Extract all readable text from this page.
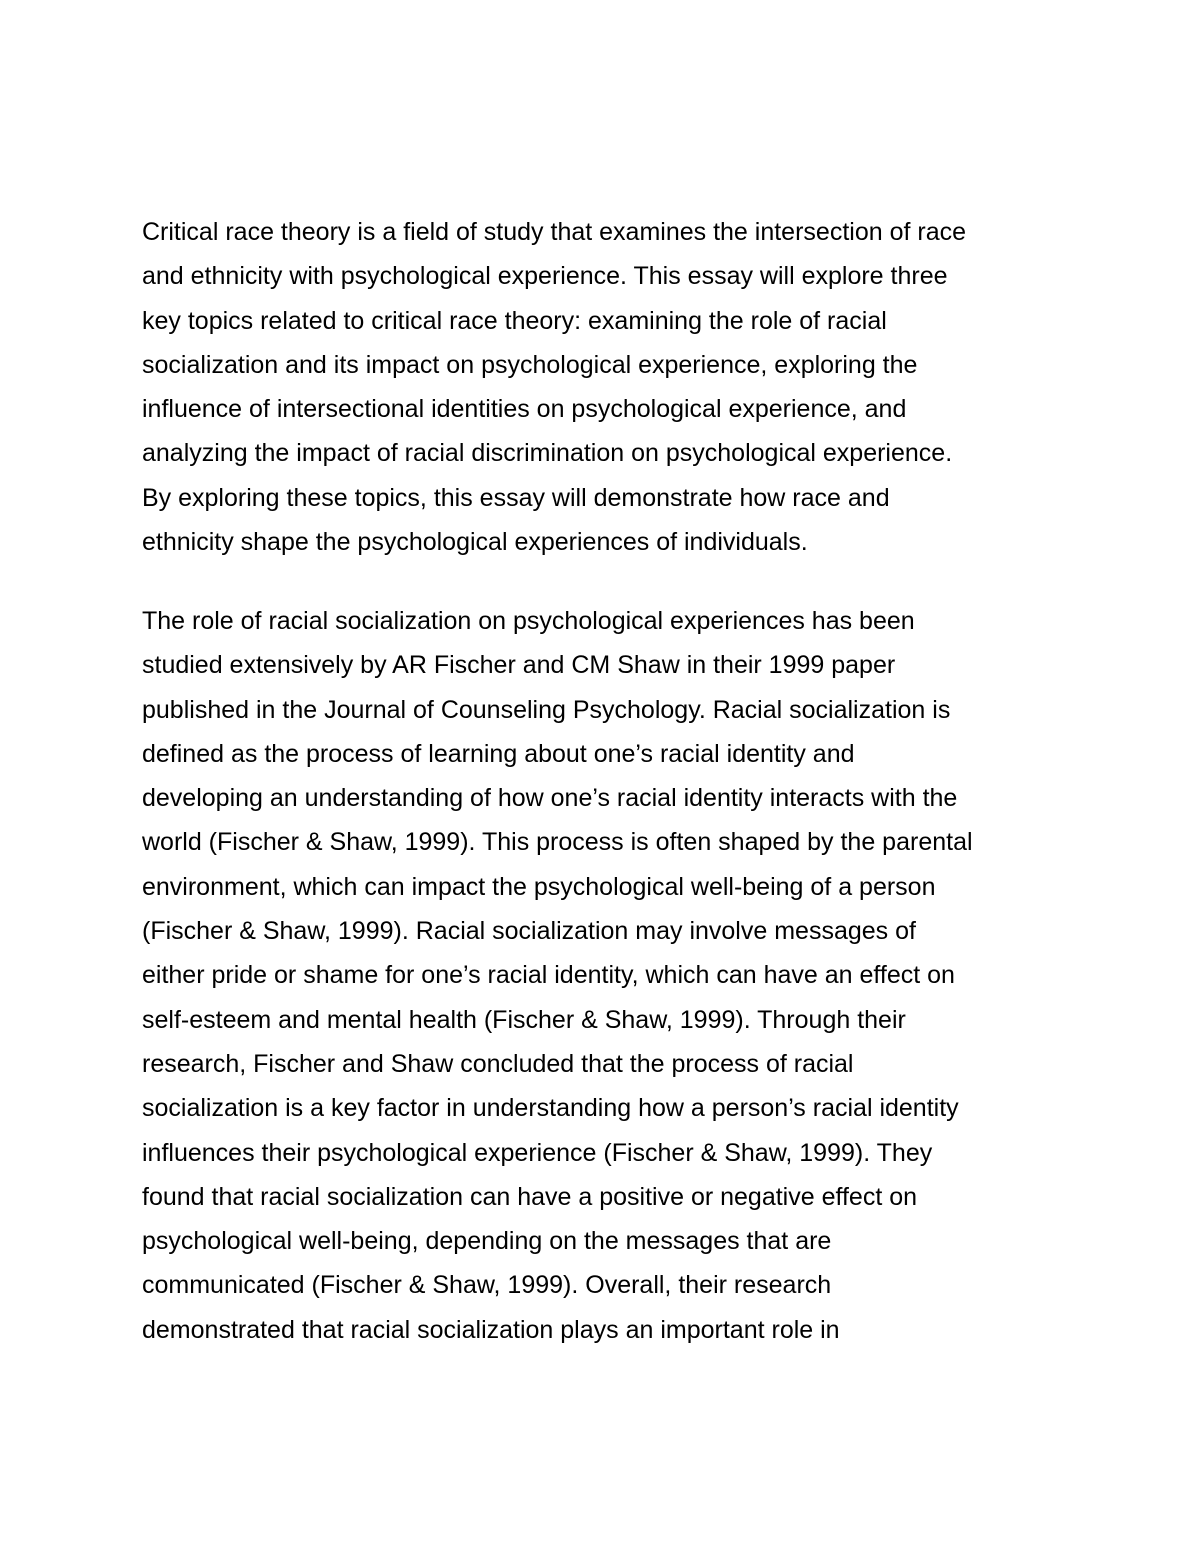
Critical race theory is a field of study that examines the intersection of race
and ethnicity with psychological experience. This essay will explore three
key topics related to critical race theory: examining the role of racial
socialization and its impact on psychological experience, exploring the
influence of intersectional identities on psychological experience, and
analyzing the impact of racial discrimination on psychological experience.
By exploring these topics, this essay will demonstrate how race and
ethnicity shape the psychological experiences of individuals.

The role of racial socialization on psychological experiences has been
studied extensively by AR Fischer and CM Shaw in their 1999 paper
published in the Journal of Counseling Psychology. Racial socialization is
defined as the process of learning about one’s racial identity and
developing an understanding of how one’s racial identity interacts with the
world (Fischer & Shaw, 1999). This process is often shaped by the parental
environment, which can impact the psychological well-being of a person
(Fischer & Shaw, 1999). Racial socialization may involve messages of
either pride or shame for one’s racial identity, which can have an effect on
self-esteem and mental health (Fischer & Shaw, 1999). Through their
research, Fischer and Shaw concluded that the process of racial
socialization is a key factor in understanding how a person’s racial identity
influences their psychological experience (Fischer & Shaw, 1999). They
found that racial socialization can have a positive or negative effect on
psychological well-being, depending on the messages that are
communicated (Fischer & Shaw, 1999). Overall, their research
demonstrated that racial socialization plays an important role in
